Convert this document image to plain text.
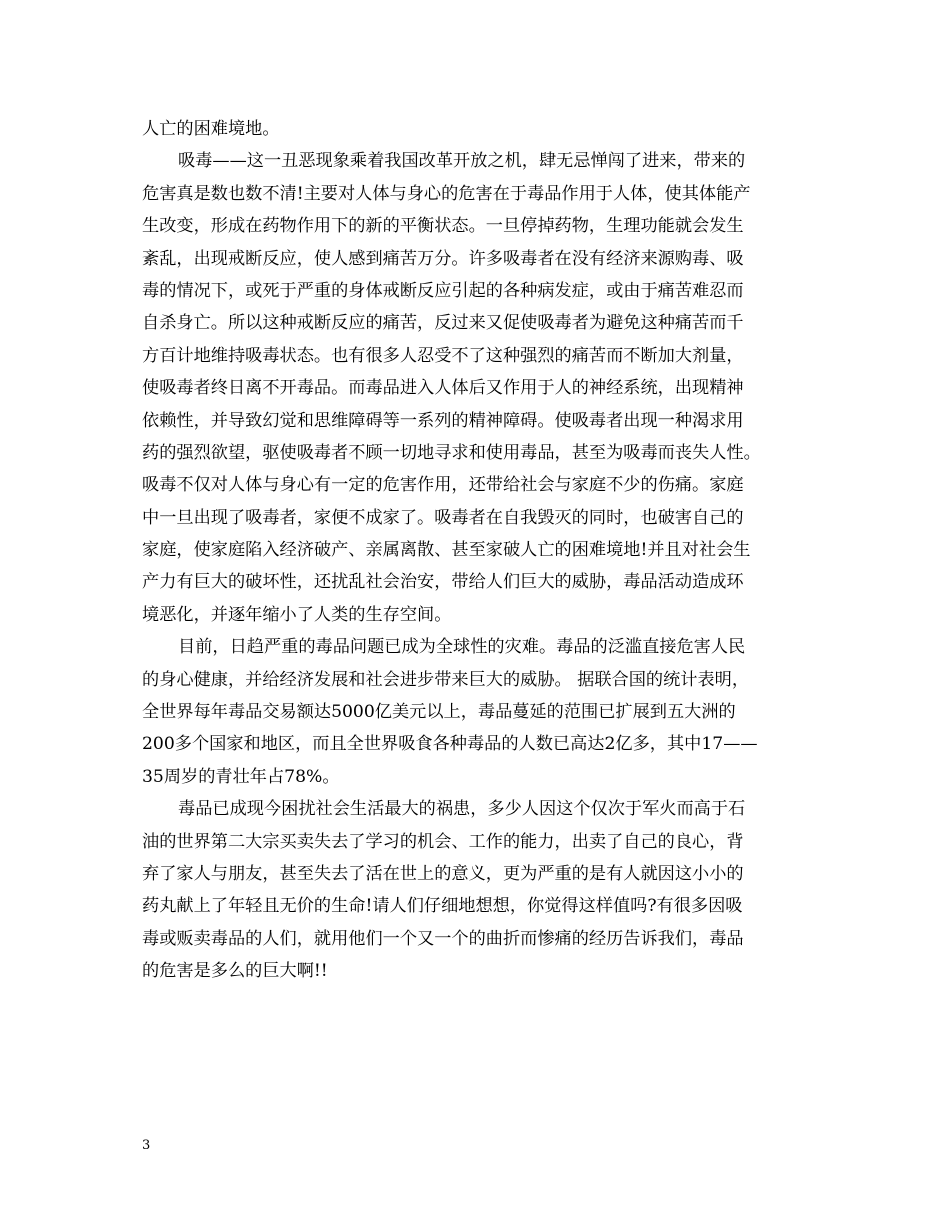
人亡的困难境地。
吸毒——这一丑恶现象乘着我国改革开放之机，肆无忌惮闯了进来，带来的
危害真是数也数不清!主要对人体与身心的危害在于毒品作用于人体，使其体能产
生改变，形成在药物作用下的新的平衡状态。一旦停掉药物，生理功能就会发生
紊乱，出现戒断反应，使人感到痛苦万分。许多吸毒者在没有经济来源购毒、吸
毒的情况下，或死于严重的身体戒断反应引起的各种病发症，或由于痛苦难忍而
自杀身亡。所以这种戒断反应的痛苦，反过来又促使吸毒者为避免这种痛苦而千
方百计地维持吸毒状态。也有很多人忍受不了这种强烈的痛苦而不断加大剂量，
使吸毒者终日离不开毒品。而毒品进入人体后又作用于人的神经系统，出现精神
依赖性，并导致幻觉和思维障碍等一系列的精神障碍。使吸毒者出现一种渴求用
药的强烈欲望，驱使吸毒者不顾一切地寻求和使用毒品，甚至为吸毒而丧失人性。
吸毒不仅对人体与身心有一定的危害作用，还带给社会与家庭不少的伤痛。家庭
中一旦出现了吸毒者，家便不成家了。吸毒者在自我毁灭的同时，也破害自己的
家庭，使家庭陷入经济破产、亲属离散、甚至家破人亡的困难境地!并且对社会生
产力有巨大的破坏性，还扰乱社会治安，带给人们巨大的威胁，毒品活动造成环
境恶化，并逐年缩小了人类的生存空间。
目前，日趋严重的毒品问题已成为全球性的灾难。毒品的泛滥直接危害人民
的身心健康，并给经济发展和社会进步带来巨大的威胁。 据联合国的统计表明，
全世界每年毒品交易额达5000亿美元以上，毒品蔓延的范围已扩展到五大洲的
200多个国家和地区，而且全世界吸食各种毒品的人数已高达2亿多，其中17——
35周岁的青壮年占78%。
毒品已成现今困扰社会生活最大的祸患，多少人因这个仅次于军火而高于石
油的世界第二大宗买卖失去了学习的机会、工作的能力，出卖了自己的良心，背
弃了家人与朋友，甚至失去了活在世上的意义，更为严重的是有人就因这小小的
药丸献上了年轻且无价的生命!请人们仔细地想想，你觉得这样值吗?有很多因吸
毒或贩卖毒品的人们，就用他们一个又一个的曲折而惨痛的经历告诉我们，毒品
的危害是多么的巨大啊!!
3
